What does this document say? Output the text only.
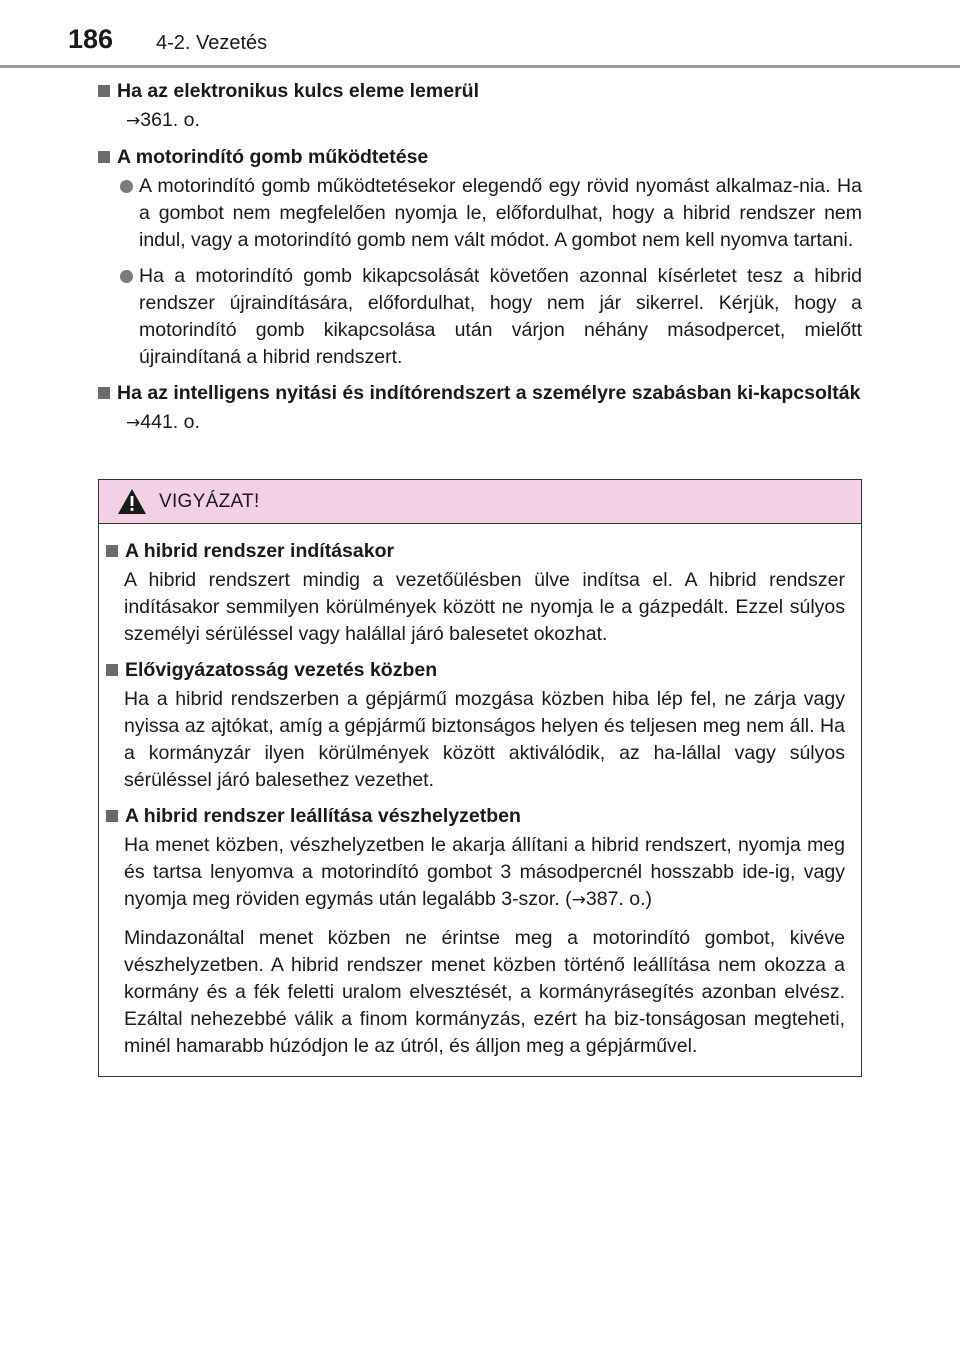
186 4-2. Vezetés
Ha az elektronikus kulcs eleme lemerül
→361. o.
A motorindító gomb működtetése
A motorindító gomb működtetésekor elegendő egy rövid nyomást alkalmaz-nia. Ha a gombot nem megfelelően nyomja le, előfordulhat, hogy a hibrid rendszer nem indul, vagy a motorindító gomb nem vált módot. A gombot nem kell nyomva tartani.
Ha a motorindító gomb kikapcsolását követően azonnal kísérletet tesz a hibrid rendszer újraindítására, előfordulhat, hogy nem jár sikerrel. Kérjük, hogy a motorindító gomb kikapcsolása után várjon néhány másodpercet, mielőtt újraindítaná a hibrid rendszert.
Ha az intelligens nyitási és indítórendszert a személyre szabásban ki-kapcsolták
→441. o.
VIGYÁZAT!
A hibrid rendszer indításakor
A hibrid rendszert mindig a vezetőülésben ülve indítsa el. A hibrid rendszer indításakor semmilyen körülmények között ne nyomja le a gázpedált. Ezzel súlyos személyi sérüléssel vagy halállal járó balesetet okozhat.
Elővigyázatosság vezetés közben
Ha a hibrid rendszerben a gépjármű mozgása közben hiba lép fel, ne zárja vagy nyissa az ajtókat, amíg a gépjármű biztonságos helyen és teljesen meg nem áll. Ha a kormányzár ilyen körülmények között aktiválódik, az ha-lállal vagy súlyos sérüléssel járó balesethez vezethet.
A hibrid rendszer leállítása vészhelyzetben
Ha menet közben, vészhelyzetben le akarja állítani a hibrid rendszert, nyomja meg és tartsa lenyomva a motorindító gombot 3 másodpercnél hosszabb ide-ig, vagy nyomja meg röviden egymás után legalább 3-szor. (→387. o.)
Mindazonáltal menet közben ne érintse meg a motorindító gombot, kivéve vészhelyzetben. A hibrid rendszer menet közben történő leállítása nem okozza a kormány és a fék feletti uralom elvesztését, a kormányrásegítés azonban elvész. Ezáltal nehezebbé válik a finom kormányzás, ezért ha biz-tonságosan megteheti, minél hamarabb húzódjon le az útról, és álljon meg a gépjárművel.
